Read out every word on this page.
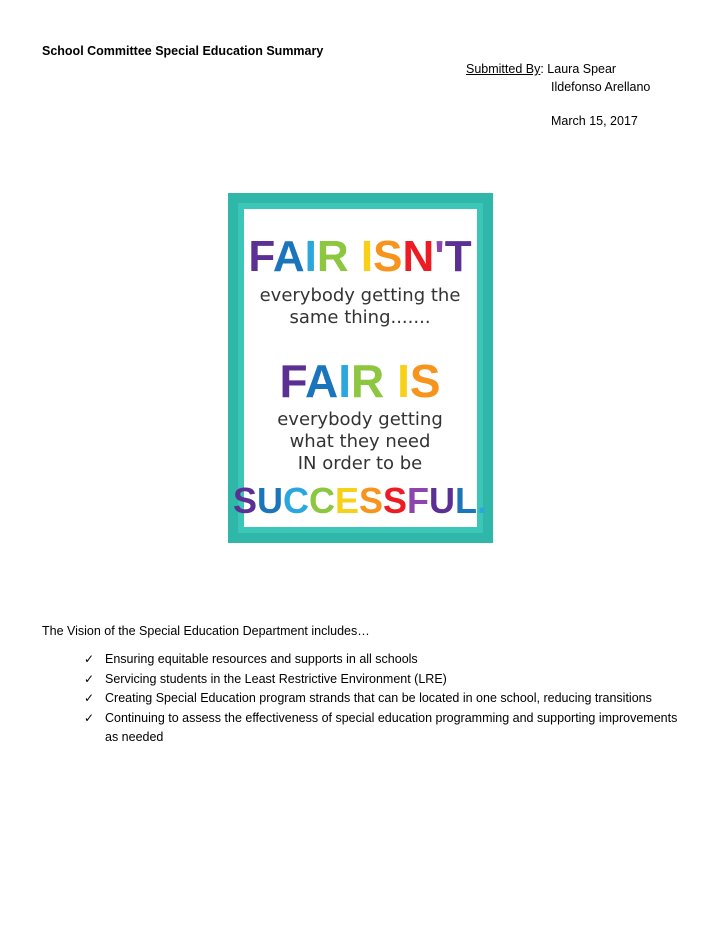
School Committee Special Education Summary
Submitted By: Laura Spear
Ildefonso Arellano
March 15, 2017
FAIR ISN'T
everybody getting the
same thing.......
FAIR IS
everybody getting
what they need
IN order to be
SUCCESSFUL.
The Vision of the Special Education Department includes…
✓ Ensuring equitable resources and supports in all schools
✓ Servicing students in the Least Restrictive Environment (LRE)
✓ Creating Special Education program strands that can be located in one school, reducing transitions
✓ Continuing to assess the effectiveness of special education programming and supporting improvements as needed
